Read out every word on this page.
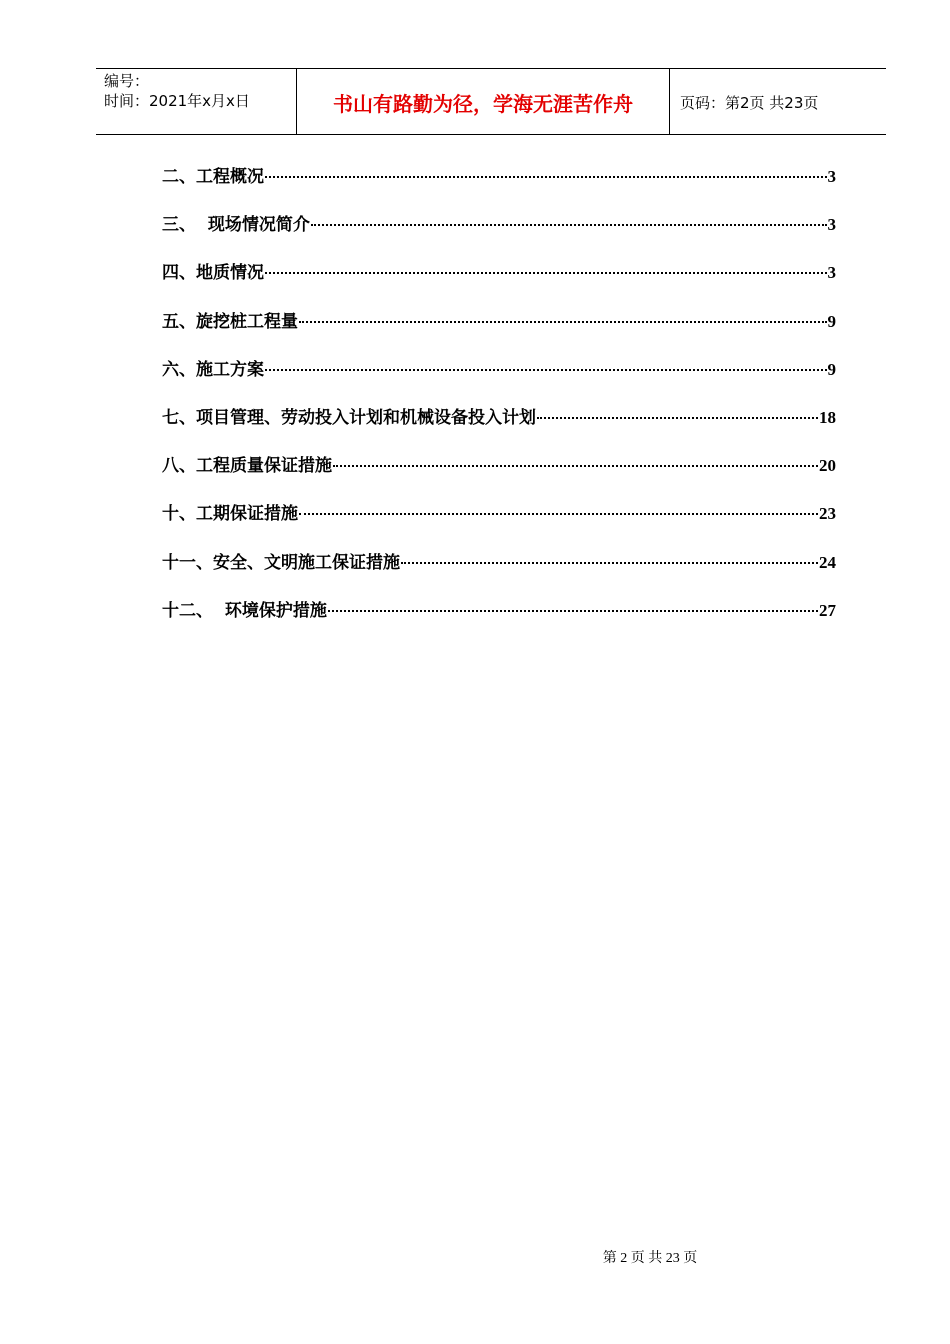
编号：
时间：2021年x月x日	书山有路勤为径，学海无涯苦作舟	页码：第2页 共23页
二、工程概况	3
三、  现场情况简介	3
四、地质情况	3
五、旋挖桩工程量	9
六、施工方案	9
七、项目管理、劳动投入计划和机械设备投入计划	18
八、工程质量保证措施	20
十、工期保证措施	23
十一、安全、文明施工保证措施	24
十二、  环境保护措施	27
第 2 页 共 23 页
